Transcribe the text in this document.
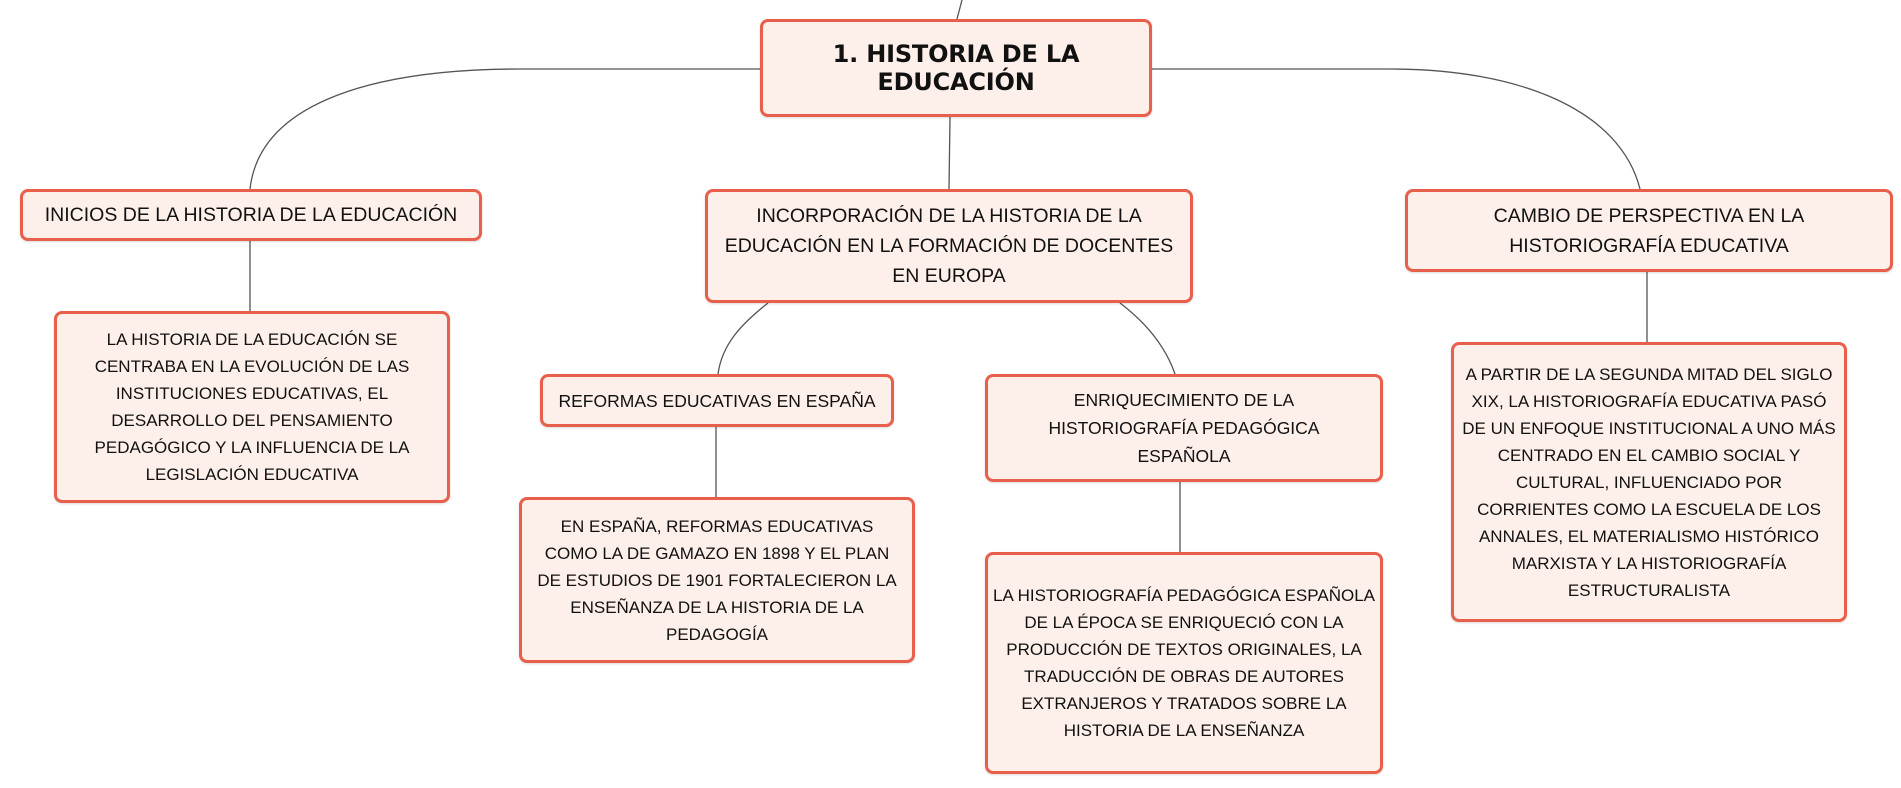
1. HISTORIA DE LA EDUCACIÓN
INICIOS DE LA HISTORIA DE LA EDUCACIÓN	INCORPORACIÓN DE LA HISTORIA DE LA EDUCACIÓN EN LA FORMACIÓN DE DOCENTES EN EUROPA
CAMBIO DE PERSPECTIVA EN LA HISTORIOGRAFÍA EDUCATIVA
LA HISTORIA DE LA EDUCACIÓN SE CENTRABA EN LA EVOLUCIÓN DE LAS INSTITUCIONES EDUCATIVAS, EL DESARROLLO DEL PENSAMIENTO PEDAGÓGICO Y LA INFLUENCIA DE LA LEGISLACIÓN EDUCATIVA
REFORMAS EDUCATIVAS EN ESPAÑA	ENRIQUECIMIENTO DE LA HISTORIOGRAFÍA PEDAGÓGICA ESPAÑOLA
EN ESPAÑA, REFORMAS EDUCATIVAS COMO LA DE GAMAZO EN 1898 Y EL PLAN DE ESTUDIOS DE 1901 FORTALECIERON LA ENSEÑANZA DE LA HISTORIA DE LA PEDAGOGÍA
LA HISTORIOGRAFÍA PEDAGÓGICA ESPAÑOLA DE LA ÉPOCA SE ENRIQUECIÓ CON LA PRODUCCIÓN DE TEXTOS ORIGINALES, LA TRADUCCIÓN DE OBRAS DE AUTORES EXTRANJEROS Y TRATADOS SOBRE LA HISTORIA DE LA ENSEÑANZA
A PARTIR DE LA SEGUNDA MITAD DEL SIGLO XIX, LA HISTORIOGRAFÍA EDUCATIVA PASÓ DE UN ENFOQUE INSTITUCIONAL A UNO MÁS CENTRADO EN EL CAMBIO SOCIAL Y CULTURAL, INFLUENCIADO POR CORRIENTES COMO LA ESCUELA DE LOS ANNALES, EL MATERIALISMO HISTÓRICO MARXISTA Y LA HISTORIOGRAFÍA ESTRUCTURALISTA
